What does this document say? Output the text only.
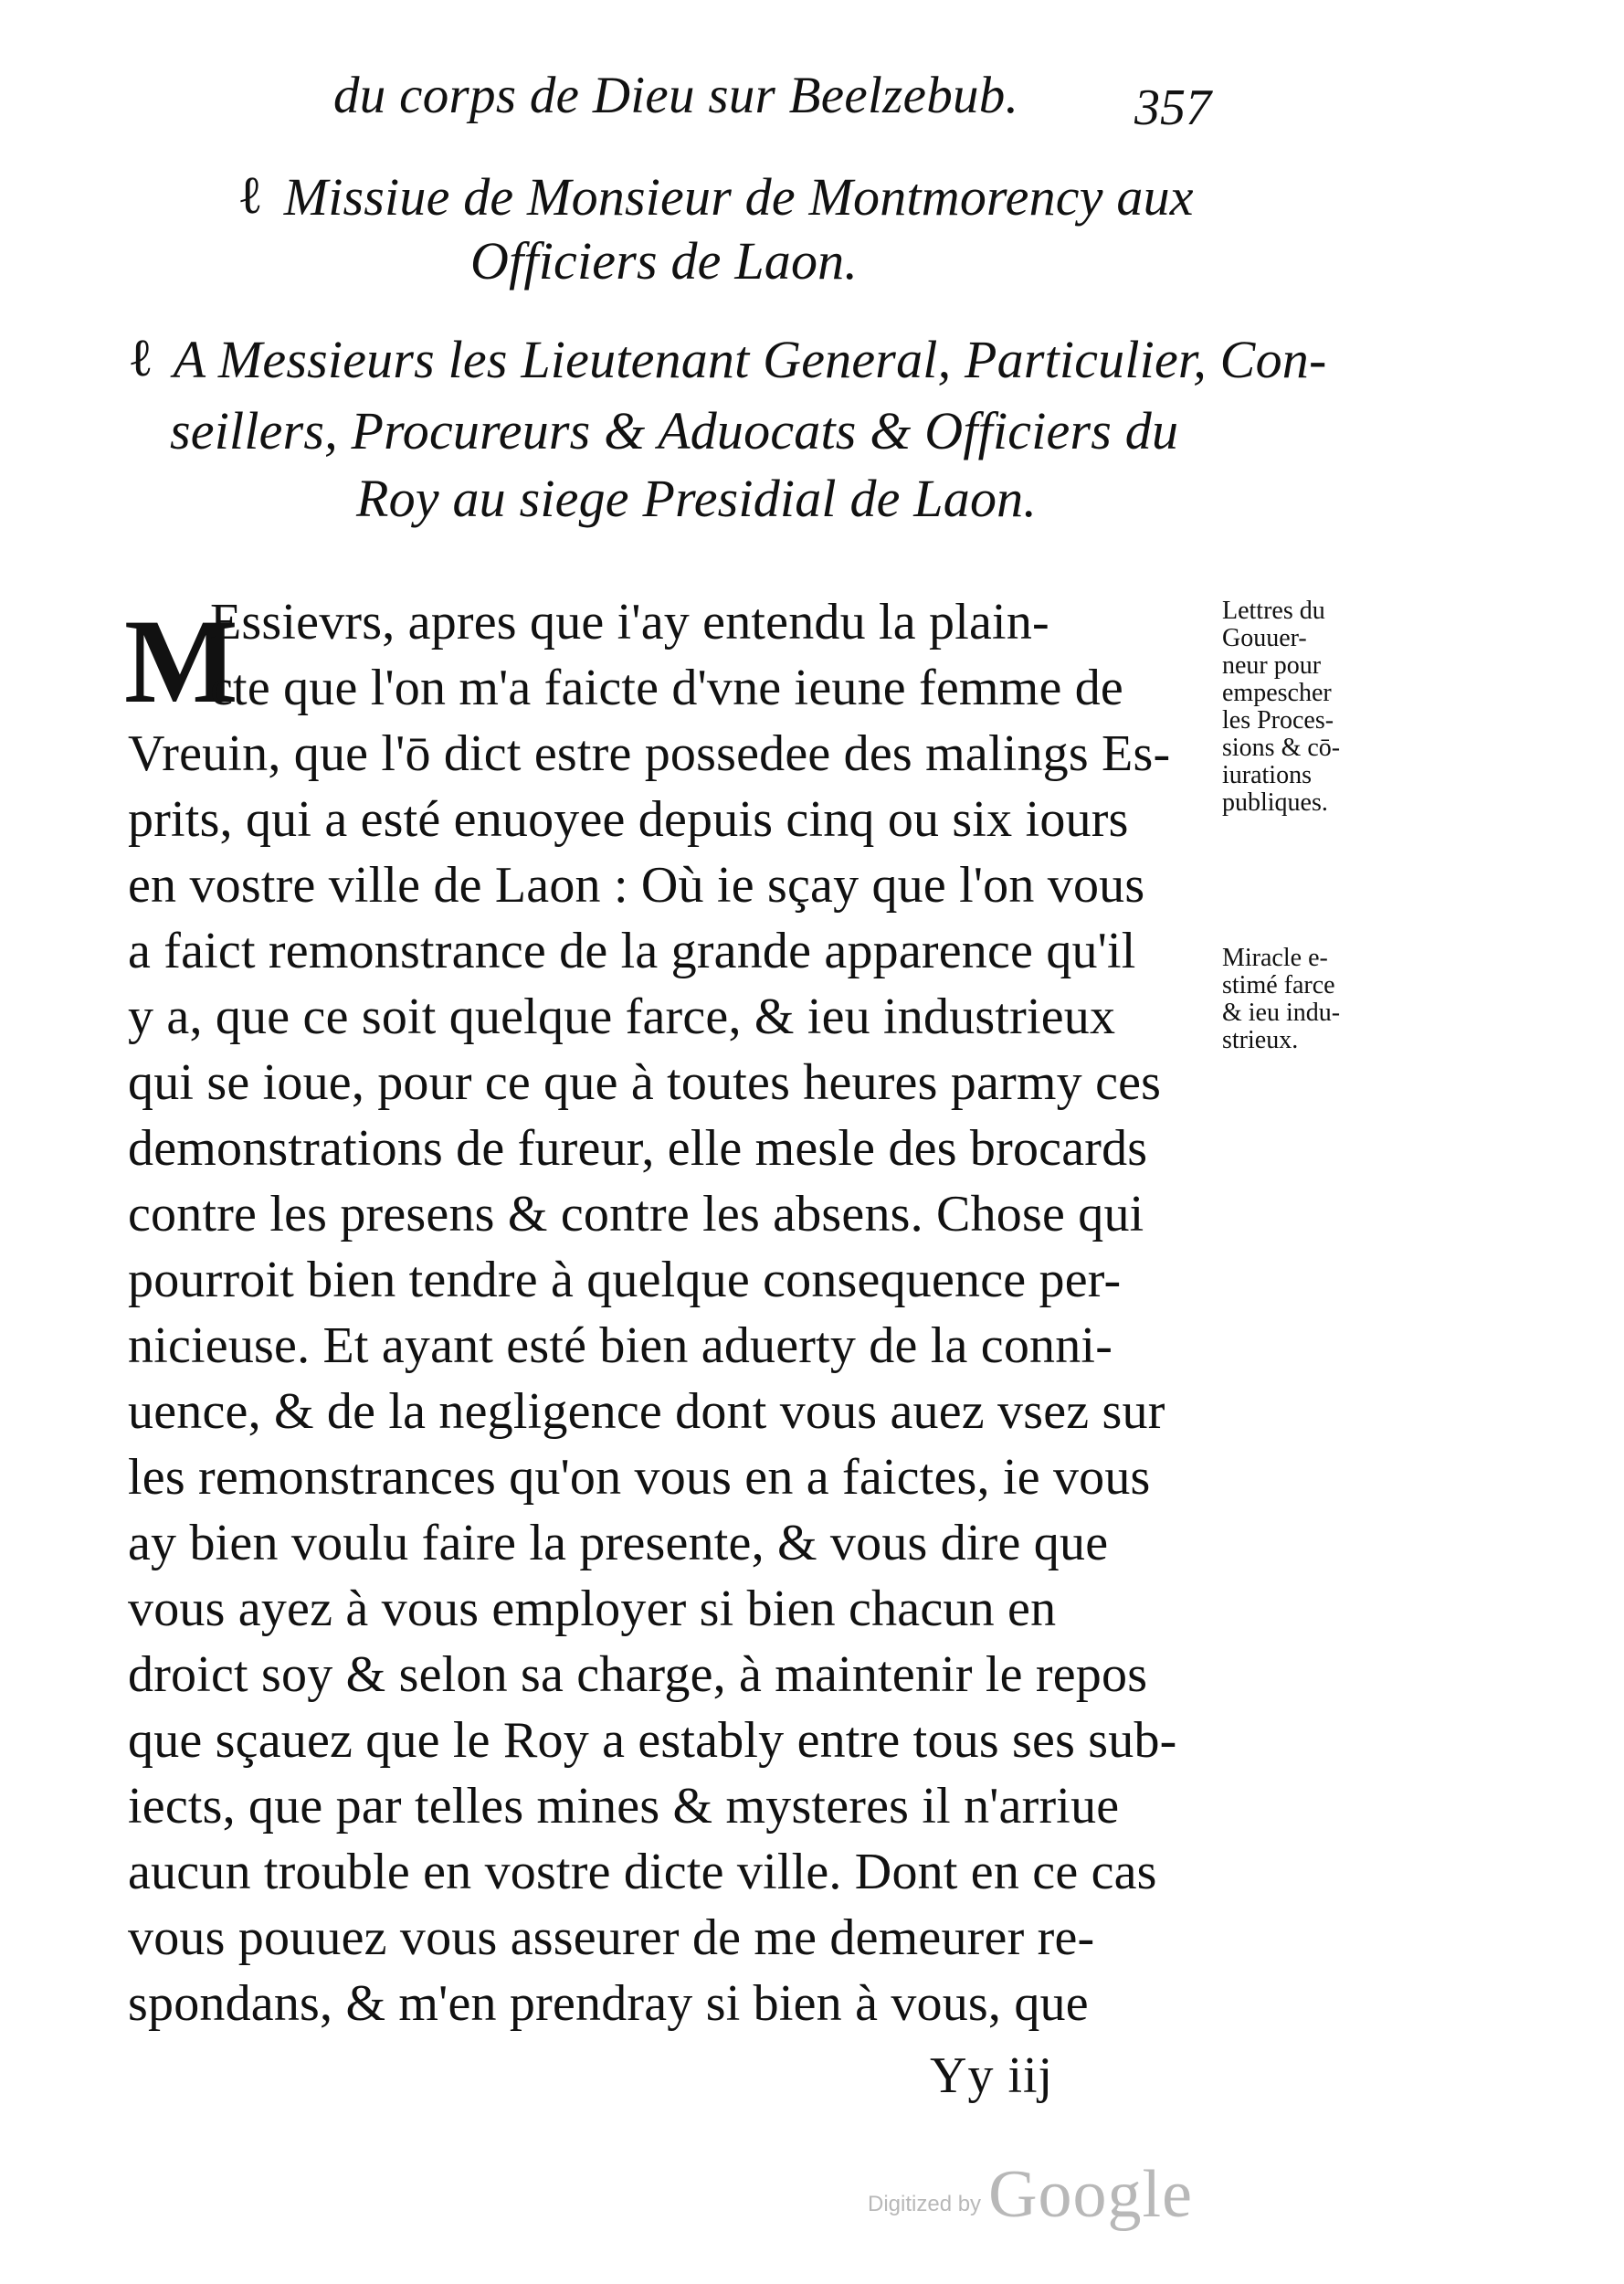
du corps de Dieu sur Beelzebub. 357
ℓ Missiue de Monsieur de Montmorency aux
Officiers de Laon.
ℓ A Messieurs les Lieutenant General, Particulier, Con-
seillers, Procureurs & Aduocats & Officiers du
Roy au siege Presidial de Laon.
M
Essievrs, apres que i'ay entendu la plain-
cte que l'on m'a faicte d'vne ieune femme de
Vreuin, que l'ō dict estre possedee des malings Es-
prits, qui a esté enuoyee depuis cinq ou six iours
en vostre ville de Laon : Où ie sçay que l'on vous
a faict remonstrance de la grande apparence qu'il
y a, que ce soit quelque farce, & ieu industrieux
qui se ioue, pour ce que à toutes heures parmy ces
demonstrations de fureur, elle mesle des brocards
contre les presens & contre les absens. Chose qui
pourroit bien tendre à quelque consequence per-
nicieuse. Et ayant esté bien aduerty de la conni-
uence, & de la negligence dont vous auez vsez sur
les remonstrances qu'on vous en a faictes, ie vous
ay bien voulu faire la presente, & vous dire que
vous ayez à vous employer si bien chacun en
droict soy & selon sa charge, à maintenir le repos
que sçauez que le Roy a estably entre tous ses sub-
iects, que par telles mines & mysteres il n'arriue
aucun trouble en vostre dicte ville. Dont en ce cas
vous pouuez vous asseurer de me demeurer re-
spondans, & m'en prendray si bien à vous, que
Lettres du
Gouuer-
neur pour
empescher
les Proces-
sions & cō-
iurations
publiques.
Miracle e-
stimé farce
& ieu indu-
strieux.
Yy iij
Digitized by Google
